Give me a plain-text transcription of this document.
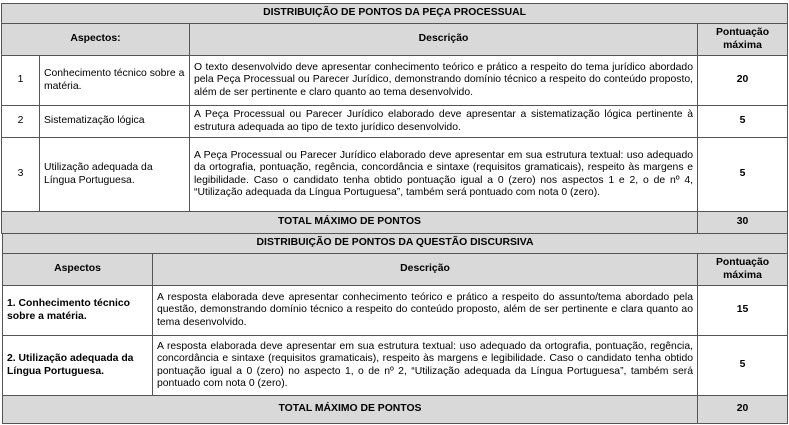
DISTRIBUIÇÃO DE PONTOS DA PEÇA PROCESSUAL			
Aspectos:		Descrição	Pontuação
máxima
1	Conhecimento técnico sobre a matéria.	O texto desenvolvido deve apresentar conhecimento teórico e prático a respeito do tema jurídico abordado pela Peça Processual ou Parecer Jurídico, demonstrando domínio técnico a respeito do conteúdo proposto, além de ser pertinente e claro quanto ao tema desenvolvido.	20
2	Sistematização lógica	A Peça Processual ou Parecer Jurídico elaborado deve apresentar a sistematização lógica pertinente à estrutura adequada ao tipo de texto jurídico desenvolvido.	5
3	Utilização adequada da Língua Portuguesa.	A Peça Processual ou Parecer Jurídico elaborado deve apresentar em sua estrutura textual: uso adequado da ortografia, pontuação, regência, concordância e sintaxe (requisitos gramaticais), respeito às margens e legibilidade. Caso o candidato tenha obtido pontuação igual a 0 (zero) nos aspectos 1 e 2, o de nº 4, “Utilização adequada da Língua Portuguesa”, também será pontuado com nota 0 (zero).	5
TOTAL MÁXIMO DE PONTOS			30
DISTRIBUIÇÃO DE PONTOS DA QUESTÃO DISCURSIVA		
Aspectos	Descrição	Pontuação
máxima
1. Conhecimento técnico sobre a matéria.	A resposta elaborada deve apresentar conhecimento teórico e prático a respeito do assunto/tema abordado pela questão, demonstrando domínio técnico a respeito do conteúdo proposto, além de ser pertinente e clara quanto ao tema desenvolvido.	15
2. Utilização adequada da Língua Portuguesa.	A resposta elaborada deve apresentar em sua estrutura textual: uso adequado da ortografia, pontuação, regência, concordância e sintaxe (requisitos gramaticais), respeito às margens e legibilidade. Caso o candidato tenha obtido pontuação igual a 0 (zero) no aspecto 1, o de nº 2, “Utilização adequada da Língua Portuguesa”, também será pontuado com nota 0 (zero).	5
TOTAL MÁXIMO DE PONTOS		20
